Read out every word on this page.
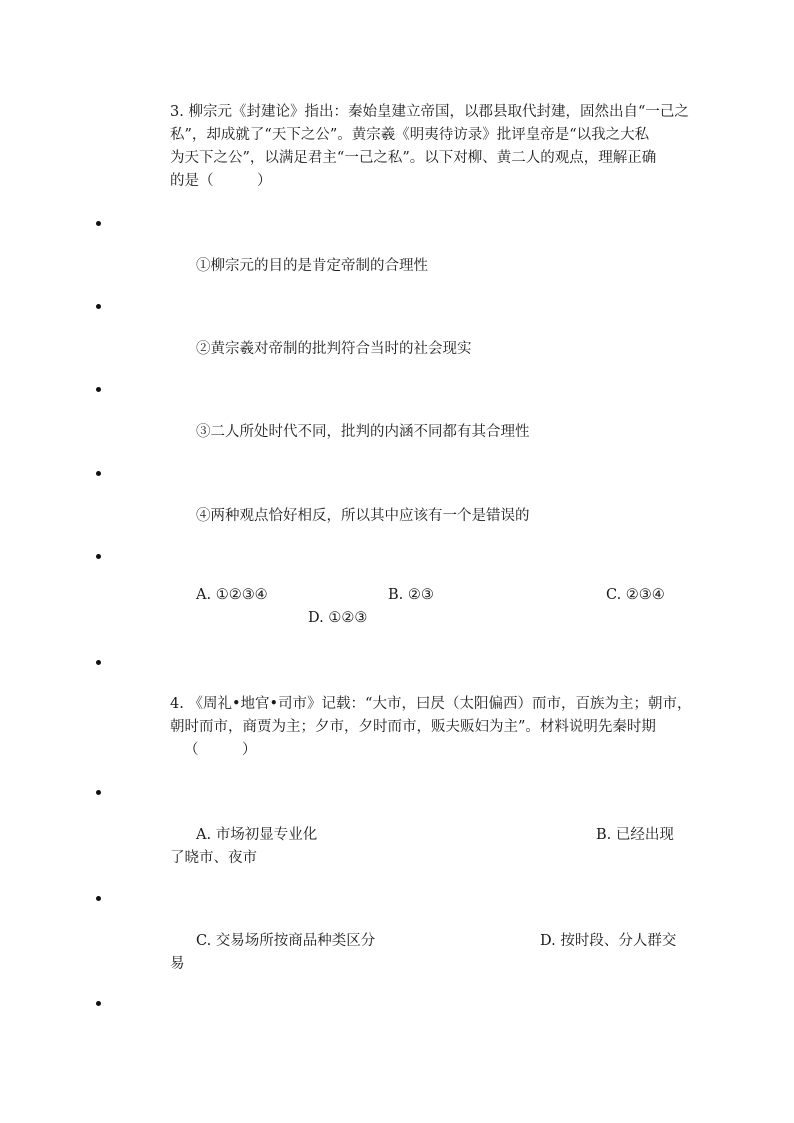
3. 柳宗元《封建论》指出：秦始皇建立帝国，以郡县取代封建，固然出自“一己之
私”，却成就了“天下之公”。黄宗羲《明夷待访录》批评皇帝是“以我之大私
为天下之公”，以满足君主“一己之私”。以下对柳、黄二人的观点，理解正确
的是（　　　）
①柳宗元的目的是肯定帝制的合理性
②黄宗羲对帝制的批判符合当时的社会现实
③二人所处时代不同，批判的内涵不同都有其合理性
④两种观点恰好相反，所以其中应该有一个是错误的
A. ①②③④	B. ②③	C. ②③④
D. ①②③
4. 《周礼•地官•司市》记载：“大市，曰昃（太阳偏西）而市，百族为主；朝市，
朝时而市，商贾为主；夕市，夕时而市，贩夫贩妇为主”。材料说明先秦时期
（　　　）
A. 市场初显专业化	B. 已经出现
了晓市、夜市
C. 交易场所按商品种类区分	D. 按时段、分人群交
易
